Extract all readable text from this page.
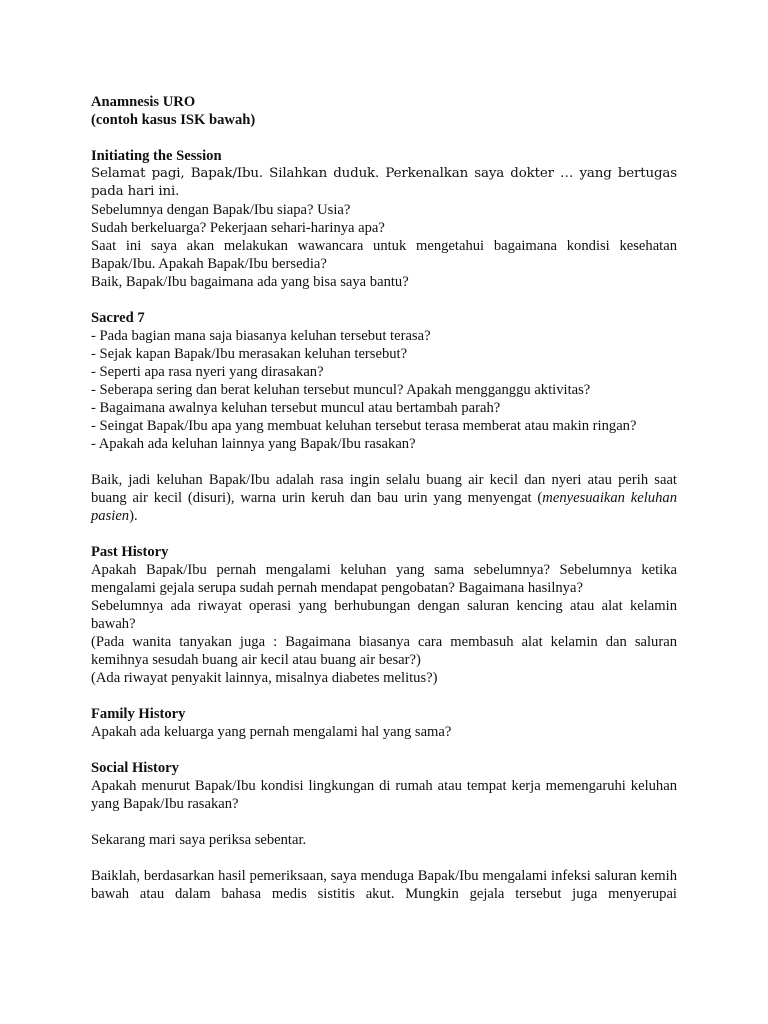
Anamnesis URO

(contoh kasus ISK bawah)

Initiating the Session

Selamat pagi, Bapak/Ibu. Silahkan duduk. Perkenalkan saya dokter … yang bertugas pada hari ini.

Sebelumnya dengan Bapak/Ibu siapa? Usia?

Sudah berkeluarga? Pekerjaan sehari-harinya apa?

Saat ini saya akan melakukan wawancara untuk mengetahui bagaimana kondisi kesehatan Bapak/Ibu. Apakah Bapak/Ibu bersedia?

Baik, Bapak/Ibu bagaimana ada yang bisa saya bantu?

Sacred 7

- Pada bagian mana saja biasanya keluhan tersebut terasa?

- Sejak kapan Bapak/Ibu merasakan keluhan tersebut?

- Seperti apa rasa nyeri yang dirasakan?

- Seberapa sering dan berat keluhan tersebut muncul? Apakah mengganggu aktivitas?

- Bagaimana awalnya keluhan tersebut muncul atau bertambah parah?

- Seingat Bapak/Ibu apa yang membuat keluhan tersebut terasa memberat atau makin ringan?

- Apakah ada keluhan lainnya yang Bapak/Ibu rasakan?

Baik, jadi keluhan Bapak/Ibu adalah rasa ingin selalu buang air kecil dan nyeri atau perih saat buang air kecil (disuri), warna urin keruh dan bau urin yang menyengat (menyesuaikan keluhan pasien).

Past History

Apakah Bapak/Ibu pernah mengalami keluhan yang sama sebelumnya? Sebelumnya ketika mengalami gejala serupa sudah pernah mendapat pengobatan? Bagaimana hasilnya?

Sebelumnya ada riwayat operasi yang berhubungan dengan saluran kencing atau alat kelamin bawah?

(Pada wanita tanyakan juga : Bagaimana biasanya cara membasuh alat kelamin dan saluran kemihnya sesudah buang air kecil atau buang air besar?)

(Ada riwayat penyakit lainnya, misalnya diabetes melitus?)

Family History

Apakah ada keluarga yang pernah mengalami hal yang sama?

Social History

Apakah menurut Bapak/Ibu kondisi lingkungan di rumah atau tempat kerja memengaruhi keluhan yang Bapak/Ibu rasakan?

Sekarang mari saya periksa sebentar.

Baiklah, berdasarkan hasil pemeriksaan, saya menduga Bapak/Ibu mengalami infeksi saluran kemih bawah atau dalam bahasa medis sistitis akut. Mungkin gejala tersebut juga menyerupai
